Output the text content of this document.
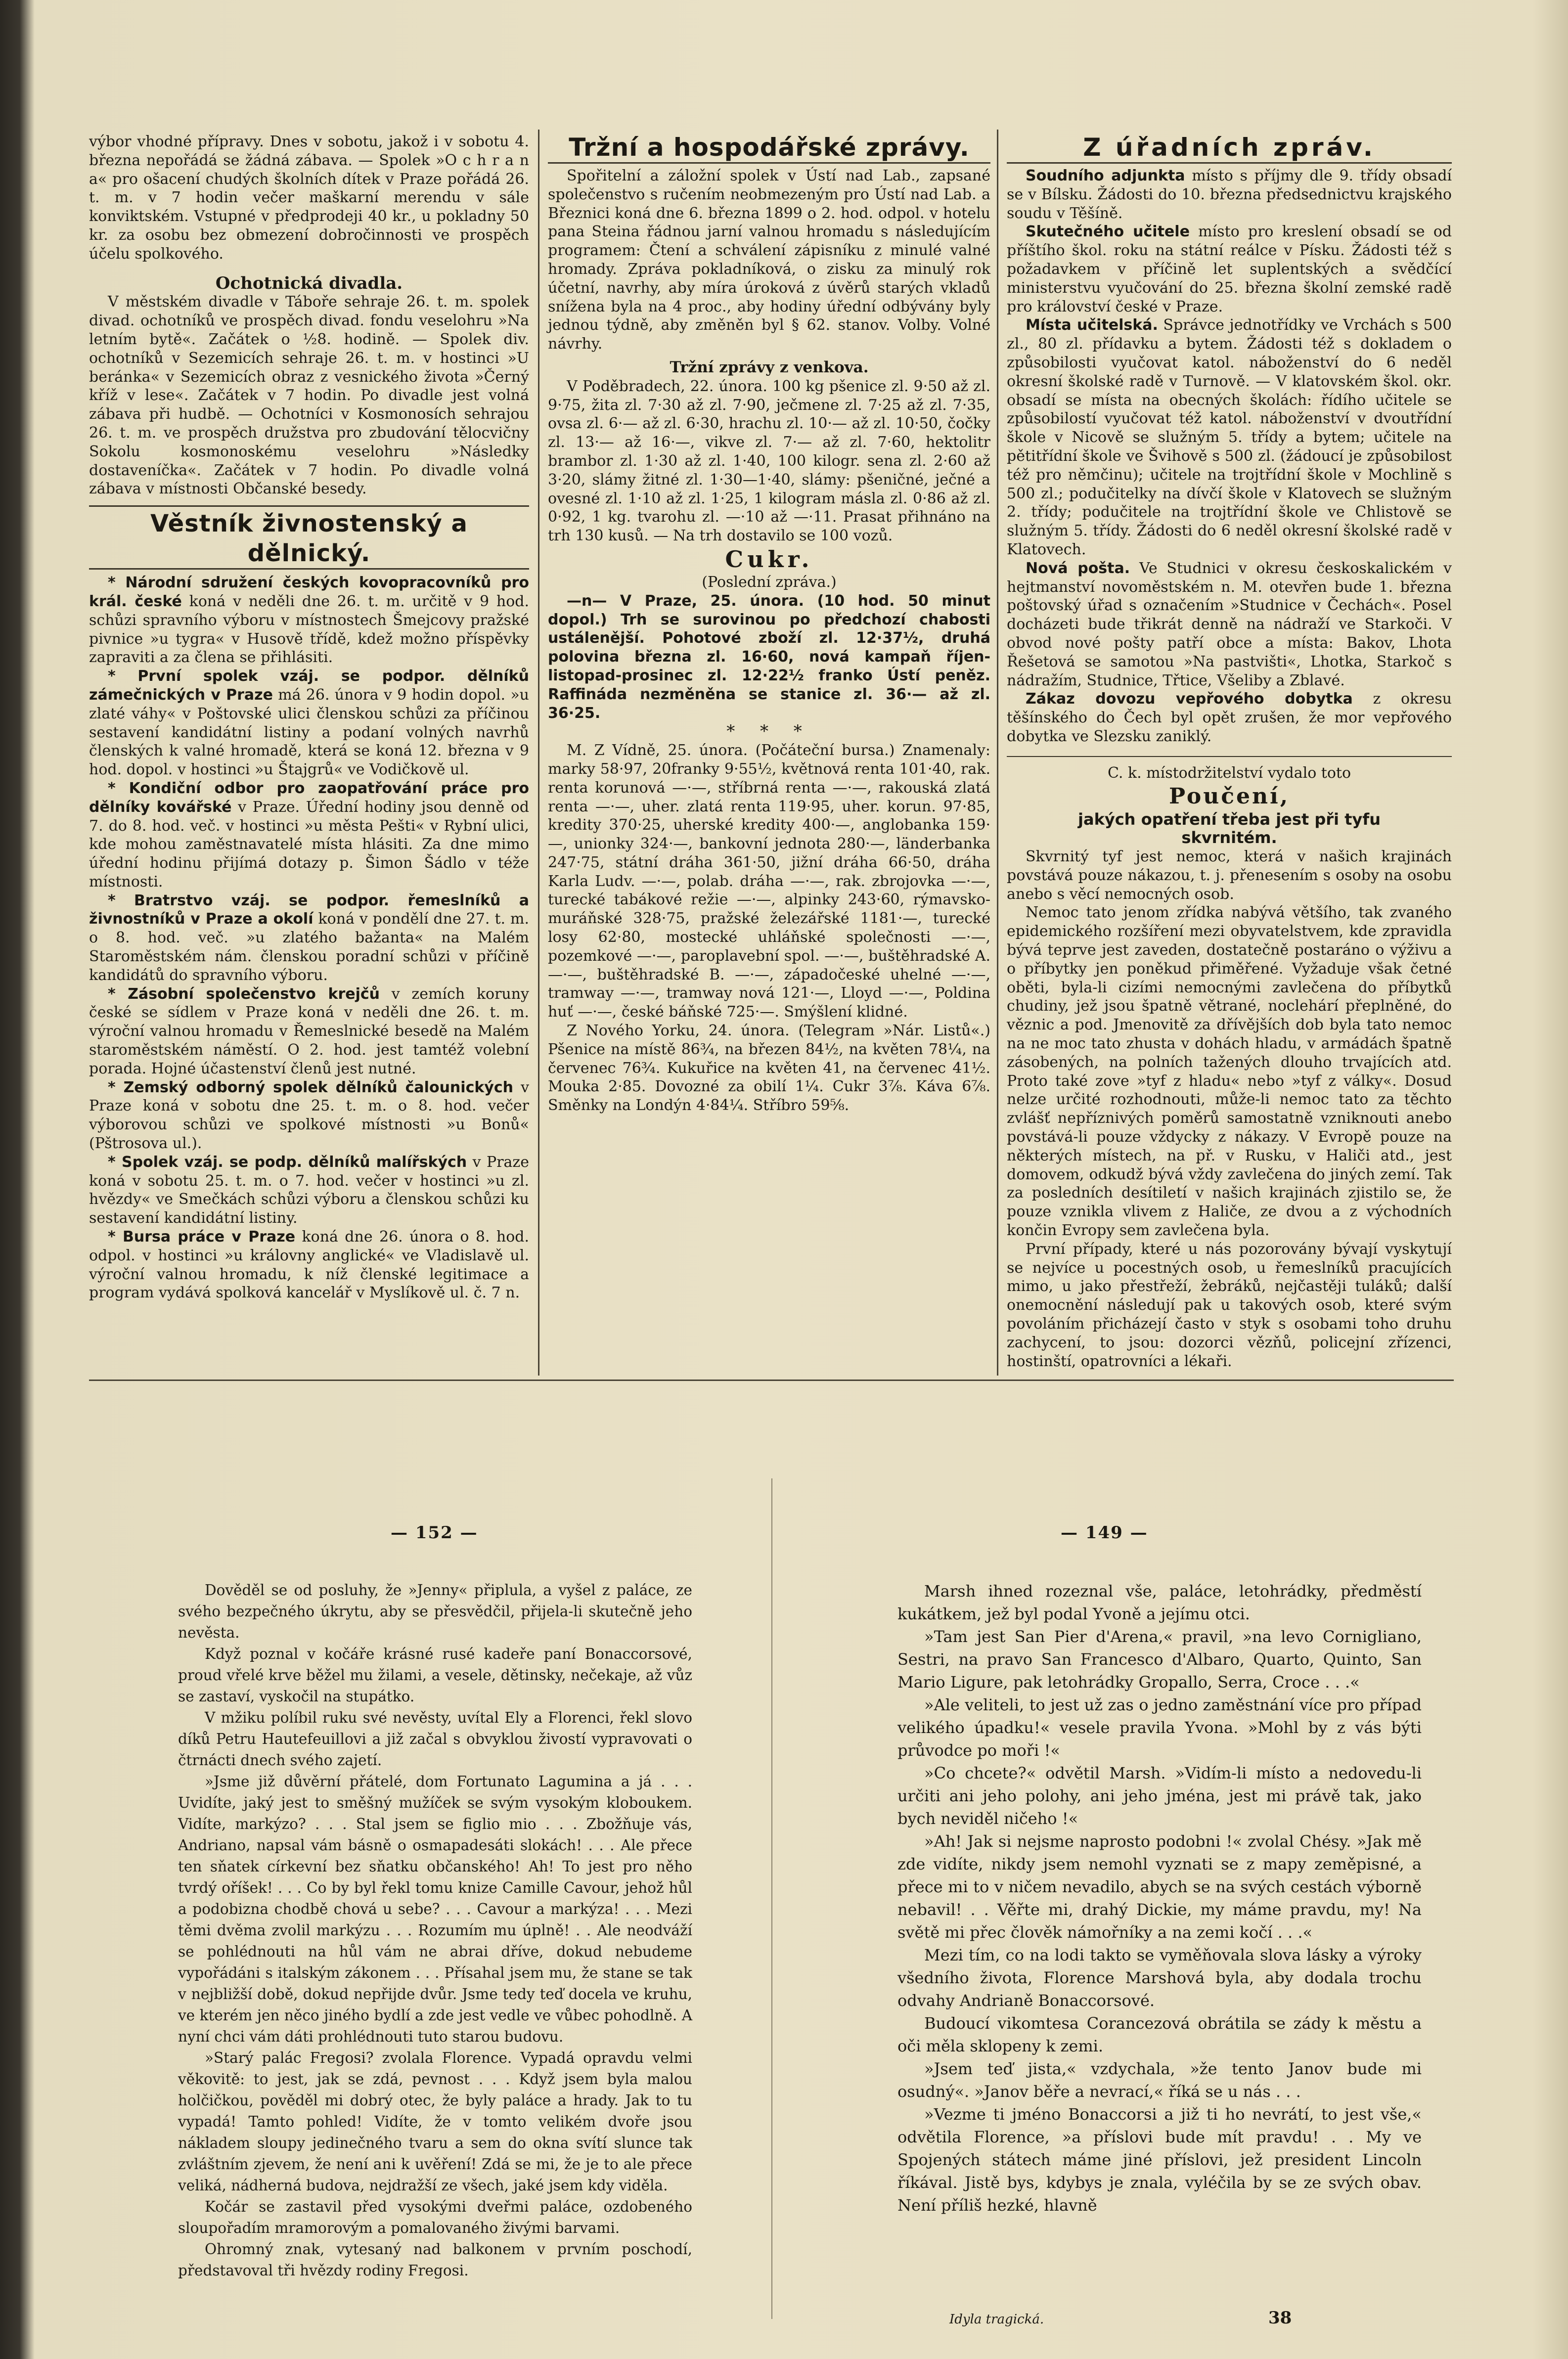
výbor vhodné přípravy. Dnes v sobotu, jakož i v sobotu 4. března nepořádá se žádná zábava. — Spolek »O c h r a n a« pro ošacení chudých školních dítek v Praze pořádá 26. t. m. v 7 hodin večer maškarní merendu v sále konviktském. Vstupné v předprodeji 40 kr., u pokladny 50 kr. za osobu bez obmezení dobročinnosti ve prospěch účelu spolkového.

Ochotnická divadla.

V městském divadle v Táboře sehraje 26. t. m. spolek divad. ochotníků ve prospěch divad. fondu veselohru »Na letním bytě«. Začátek o ½8. hodině. — Spolek div. ochotníků v Sezemicích sehraje 26. t. m. v hostinci »U beránka« v Sezemicích obraz z vesnického života »Černý kříž v lese«. Začátek v 7 hodin. Po divadle jest volná zábava při hudbě. — Ochotníci v Kosmonosích sehrajou 26. t. m. ve prospěch družstva pro zbudování tělocvičny Sokolu kosmonoskému veselohru »Následky dostaveníčka«. Začátek v 7 hodin. Po divadle volná zábava v místnosti Občanské besedy.

Věstník živnostenský a dělnický.

* Národní sdružení českých kovopracovníků pro král. české koná v neděli dne 26. t. m. určitě v 9 hod. schůzi spravního výboru v místnostech Šmejcovy pražské pivnice »u tygra« v Husově třídě, kdež možno příspěvky zapraviti a za člena se přihlásiti.

* První spolek vzáj. se podpor. dělníků zámečnických v Praze má 26. února v 9 hodin dopol. »u zlaté váhy« v Poštovské ulici členskou schůzi za příčinou sestavení kandidátní listiny a podaní volných navrhů členských k valné hromadě, která se koná 12. března v 9 hod. dopol. v hostinci »u Štajgrů« ve Vodičkově ul.

* Kondiční odbor pro zaopatřování práce pro dělníky kovářské v Praze. Úřední hodiny jsou denně od 7. do 8. hod. več. v hostinci »u města Pešti« v Rybní ulici, kde mohou zaměstnavatelé místa hlásiti. Za dne mimo úřední hodinu přijímá dotazy p. Šimon Šádlo v téže místnosti.

* Bratrstvo vzáj. se podpor. řemeslníků a živnostníků v Praze a okolí koná v pondělí dne 27. t. m. o 8. hod. več. »u zlatého bažanta« na Malém Staroměstském nám. členskou poradní schůzi v příčině kandidátů do spravního výboru.

* Zásobní společenstvo krejčů v zemích koruny české se sídlem v Praze koná v neděli dne 26. t. m. výroční valnou hromadu v Řemeslnické besedě na Malém staroměstském náměstí. O 2. hod. jest tamtéž volební porada. Hojné účastenství členů jest nutné.

* Zemský odborný spolek dělníků čalounických v Praze koná v sobotu dne 25. t. m. o 8. hod. večer výborovou schůzi ve spolkové místnosti »u Bonů« (Pštrosova ul.).

* Spolek vzáj. se podp. dělníků malířských v Praze koná v sobotu 25. t. m. o 7. hod. večer v hostinci »u zl. hvězdy« ve Smečkách schůzi výboru a členskou schůzi ku sestavení kandidátní listiny.

* Bursa práce v Praze koná dne 26. února o 8. hod. odpol. v hostinci »u královny anglické« ve Vladislavě ul. výroční valnou hromadu, k níž členské legitimace a program vydává spolková kancelář v Myslíkově ul. č. 7 n.

Tržní a hospodářské zprávy.

Spořitelní a záložní spolek v Ústí nad Lab., zapsané společenstvo s ručením neobmezeným pro Ústí nad Lab. a Březnici koná dne 6. března 1899 o 2. hod. odpol. v hotelu pana Steina řádnou jarní valnou hromadu s následujícím programem: Čtení a schválení zápisníku z minulé valné hromady. Zpráva pokladníková, o zisku za minulý rok účetní, navrhy, aby míra úroková z úvěrů starých vkladů snížena byla na 4 proc., aby hodiny úřední odbývány byly jednou týdně, aby změněn byl § 62. stanov. Volby. Volné návrhy.

Tržní zprávy z venkova.

V Poděbradech, 22. února. 100 kg pšenice zl. 9·50 až zl. 9·75, žita zl. 7·30 až zl. 7·90, ječmene zl. 7·25 až zl. 7·35, ovsa zl. 6·— až zl. 6·30, hrachu zl. 10·— až zl. 10·50, čočky zl. 13·— až 16·—, vikve zl. 7·— až zl. 7·60, hektolitr brambor zl. 1·30 až zl. 1·40, 100 kilogr. sena zl. 2·60 až 3·20, slámy žitné zl. 1·30—1·40, slámy: pšeničné, ječné a ovesné zl. 1·10 až zl. 1·25, 1 kilogram másla zl. 0·86 až zl. 0·92, 1 kg. tvarohu zl. —·10 až —·11. Prasat přihnáno na trh 130 kusů. — Na trh dostavilo se 100 vozů.

Cukr.

(Poslední zpráva.)

—n— V Praze, 25. února. (10 hod. 50 minut dopol.) Trh se surovinou po předchozí chabosti ustálenější. Pohotové zboží zl. 12·37½, druhá polovina března zl. 16·60, nová kampaň říjen-listopad-prosinec zl. 12·22½ franko Ústí peněz. Raffináda nezměněna se stanice zl. 36·— až zl. 36·25.

* * *

M. Z Vídně, 25. února. (Počáteční bursa.) Znamenaly: marky 58·97, 20franky 9·55½, květnová renta 101·40, rak. renta korunová —·—, stříbrná renta —·—, rakouská zlatá renta —·—, uher. zlatá renta 119·95, uher. korun. 97·85, kredity 370·25, uherské kredity 400·—, anglobanka 159·—, unionky 324·—, bankovní jednota 280·—, länderbanka 247·75, státní dráha 361·50, jižní dráha 66·50, dráha Karla Ludv. —·—, polab. dráha —·—, rak. zbrojovka —·—, turecké tabákové režie —·—, alpinky 243·60, rýmavsko-muráňské 328·75, pražské železářské 1181·—, turecké losy 62·80, mostecké uhláňské společnosti —·—, pozemkové —·—, paroplavební spol. —·—, buštěhradské A. —·—, buštěhradské B. —·—, západočeské uhelné —·—, tramway —·—, tramway nová 121·—, Lloyd —·—, Poldina huť —·—, české báňské 725·—. Smýšlení klidné.

Z Nového Yorku, 24. února. (Telegram »Nár. Listů«.) Pšenice na místě 86¾, na březen 84½, na květen 78¼, na červenec 76¾. Kukuřice na květen 41, na červenec 41½. Mouka 2·85. Dovozné za obilí 1¼. Cukr 3⅞. Káva 6⅞. Směnky na Londýn 4·84¼. Stříbro 59⅝.

Z úřadních zpráv.

Soudního adjunkta místo s příjmy dle 9. třídy obsadí se v Bílsku. Žádosti do 10. března předsednictvu krajského soudu v Těšíně.

Skutečného učitele místo pro kreslení obsadí se od příštího škol. roku na státní reálce v Písku. Žádosti též s požadavkem v příčině let suplentských a svědčící ministerstvu vyučování do 25. března školní zemské radě pro království české v Praze.

Místa učitelská. Správce jednotřídky ve Vrchách s 500 zl., 80 zl. přídavku a bytem. Žádosti též s dokladem o způsobilosti vyučovat katol. náboženství do 6 neděl okresní školské radě v Turnově. — V klatovském škol. okr. obsadí se místa na obecných školách: řídího učitele se způsobilostí vyučovat též katol. náboženství v dvoutřídní škole v Nicově se služným 5. třídy a bytem; učitele na pětitřídní škole ve Švihově s 500 zl. (žádoucí je způsobilost též pro němčinu); učitele na trojtřídní škole v Mochlině s 500 zl.; podučitelky na dívčí škole v Klatovech se služným 2. třídy; podučitele na trojtřídní škole ve Chlistově se služným 5. třídy. Žádosti do 6 neděl okresní školské radě v Klatovech.

Nová pošta. Ve Studnici v okresu českoskalickém v hejtmanství novoměstském n. M. otevřen bude 1. března poštovský úřad s označením »Studnice v Čechách«. Posel docházeti bude třikrát denně na nádraží ve Starkoči. V obvod nové pošty patří obce a místa: Bakov, Lhota Řešetová se samotou »Na pastvišti«, Lhotka, Starkoč s nádražím, Studnice, Třtice, Všeliby a Zblavé.

Zákaz dovozu vepřového dobytka z okresu těšínského do Čech byl opět zrušen, že mor vepřového dobytka ve Slezsku zaniklý.

C. k. místodržitelství vydalo toto

Poučení,

jakých opatření třeba jest při tyfu skvrnitém.

Skvrnitý tyf jest nemoc, která v našich krajinách povstává pouze nákazou, t. j. přenesením s osoby na osobu anebo s věcí nemocných osob.

Nemoc tato jenom zřídka nabývá většího, tak zvaného epidemického rozšíření mezi obyvatelstvem, kde zpravidla bývá teprve jest zaveden, dostatečně postaráno o výživu a o příbytky jen poněkud přiměřené. Vyžaduje však četné oběti, byla-li cizími nemocnými zavlečena do příbytků chudiny, jež jsou špatně větrané, noclehárí přeplněné, do věznic a pod. Jmenovitě za dřívějších dob byla tato nemoc na ne moc tato zhusta v dohách hladu, v armádách špatně zásobených, na polních tažených dlouho trvajících atd. Proto také zove »tyf z hladu« nebo »tyf z války«. Dosud nelze určité rozhodnouti, může-li nemoc tato za těchto zvlášť nepříznivých poměrů samostatně vzniknouti anebo povstává-li pouze vždycky z nákazy. V Evropě pouze na některých místech, na př. v Rusku, v Haliči atd., jest domovem, odkudž bývá vždy zavlečena do jiných zemí. Tak za posledních desítiletí v našich krajinách zjistilo se, že pouze vznikla vlivem z Haliče, ze dvou a z východních končin Evropy sem zavlečena byla.

První případy, které u nás pozorovány bývají vyskytují se nejvíce u pocestných osob, u řemeslníků pracujících mimo, u jako přestřeží, žebráků, nejčastěji tuláků; další onemocnění následují pak u takových osob, které svým povoláním přicházejí často v styk s osobami toho druhu zachycení, to jsou: dozorci vězňů, policejní zřízenci, hostinští, opatrovníci a lékaři.

— 152 —	— 149 —

Dověděl se od posluhy, že »Jenny« připlula, a vyšel z paláce, ze svého bezpečného úkrytu, aby se přesvědčil, přijela-li skutečně jeho nevěsta.

Když poznal v kočáře krásné rusé kadeře paní Bonaccorsové, proud vřelé krve běžel mu žilami, a vesele, dětinsky, nečekaje, až vůz se zastaví, vyskočil na stupátko.

V mžiku políbil ruku své nevěsty, uvítal Ely a Florenci, řekl slovo díků Petru Hautefeuillovi a již začal s obvyklou živostí vypravovati o čtrnácti dnech svého zajetí.

»Jsme již důvěrní přátelé, dom Fortunato Lagumina a já . . . Uvidíte, jaký jest to směšný mužíček se svým vysokým kloboukem. Vidíte, markýzo? . . . Stal jsem se figlio mio . . . Zbožňuje vás, Andriano, napsal vám básně o osmapadesáti slokách! . . . Ale přece ten sňatek církevní bez sňatku občanského! Ah! To jest pro něho tvrdý oříšek! . . . Co by byl řekl tomu knize Camille Cavour, jehož hůl a podobizna chodbě chová u sebe? . . . Cavour a markýza! . . . Mezi těmi dvěma zvolil markýzu . . . Rozumím mu úplně! . . Ale neodváží se pohlédnouti na hůl vám ne abrai dříve, dokud nebudeme vypořádáni s italským zákonem . . . Přísahal jsem mu, že stane se tak v nejbližší době, dokud nepřijde dvůr. Jsme tedy teď docela ve kruhu, ve kterém jen něco jiného bydlí a zde jest vedle ve vůbec pohodlně. A nyní chci vám dáti prohlédnouti tuto starou budovu.

»Starý palác Fregosi? zvolala Florence. Vypadá opravdu velmi věkovitě: to jest, jak se zdá, pevnost . . . Když jsem byla malou holčičkou, pověděl mi dobrý otec, že byly paláce a hrady. Jak to tu vypadá! Tamto pohled! Vidíte, že v tomto velikém dvoře jsou nákladem sloupy jedinečného tvaru a sem do okna svítí slunce tak zvláštním zjevem, že není ani k uvěření! Zdá se mi, že je to ale přece veliká, nádherná budova, nejdražší ze všech, jaké jsem kdy viděla.

Kočár se zastavil před vysokými dveřmi paláce, ozdobeného sloupořadím mramorovým a pomalovaného živými barvami.

Ohromný znak, vytesaný nad balkonem v prvním poschodí, představoval tři hvězdy rodiny Fregosi.

Marsh ihned rozeznal vše, paláce, letohrádky, předměstí kukátkem, jež byl podal Yvoně a jejímu otci.

»Tam jest San Pier d'Arena,« pravil, »na levo Cornigliano, Sestri, na pravo San Francesco d'Albaro, Quarto, Quinto, San Mario Ligure, pak letohrádky Gropallo, Serra, Croce . . .«

»Ale veliteli, to jest už zas o jedno zaměstnání více pro případ velikého úpadku!« vesele pravila Yvona. »Mohl by z vás býti průvodce po moři !«

»Co chcete?« odvětil Marsh. »Vidím-li místo a nedovedu-li určiti ani jeho polohy, ani jeho jména, jest mi právě tak, jako bych neviděl ničeho !«

»Ah! Jak si nejsme naprosto podobni !« zvolal Chésy. »Jak mě zde vidíte, nikdy jsem nemohl vyznati se z mapy zeměpisné, a přece mi to v ničem nevadilo, abych se na svých cestách výborně nebavil! . . Věřte mi, drahý Dickie, my máme pravdu, my! Na světě mi přec člověk námořníky a na zemi kočí . . .«

Mezi tím, co na lodi takto se vyměňovala slova lásky a výroky všedního života, Florence Marshová byla, aby dodala trochu odvahy Andrianě Bonaccorsové.

Budoucí vikomtesa Corancezová obrátila se zády k městu a oči měla sklopeny k zemi.

»Jsem teď jista,« vzdychala, »že tento Janov bude mi osudný«. »Janov běře a nevrací,« říká se u nás . . .

»Vezme ti jméno Bonaccorsi a již ti ho nevrátí, to jest vše,« odvětila Florence, »a příslovi bude mít pravdu! . . My ve Spojených státech máme jiné příslovi, jež president Lincoln říkával. Jistě bys, kdybys je znala, vyléčila by se ze svých obav. Není příliš hezké, hlavně

Idyla tragická.	38
